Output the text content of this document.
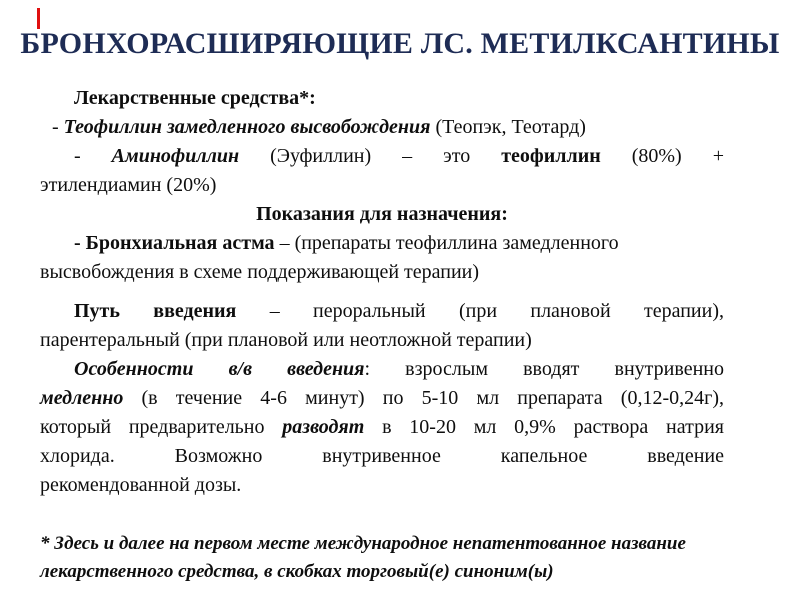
БРОНХОРАСШИРЯЮЩИЕ ЛС. МЕТИЛКСАНТИНЫ
Лекарственные средства*:
- Теофиллин замедленного высвобождения (Теопэк, Теотард)
- Аминофиллин (Эуфиллин) – это теофиллин (80%) +
этилендиамин (20%)
Показания для назначения:
- Бронхиальная астма – (препараты теофиллина замедленного
высвобождения в схеме поддерживающей терапии)
Путь введения – пероральный (при плановой терапии),
парентеральный (при плановой или неотложной терапии)
Особенности в/в введения: взрослым вводят внутривенно
медленно (в течение 4-6 минут) по 5-10 мл препарата (0,12-0,24г),
который предварительно разводят в 10-20 мл 0,9% раствора натрия
хлорида. Возможно внутривенное капельное введение
рекомендованной дозы.
* Здесь и далее на первом месте международное непатентованное название
лекарственного средства, в скобках торговый(е) синоним(ы)
